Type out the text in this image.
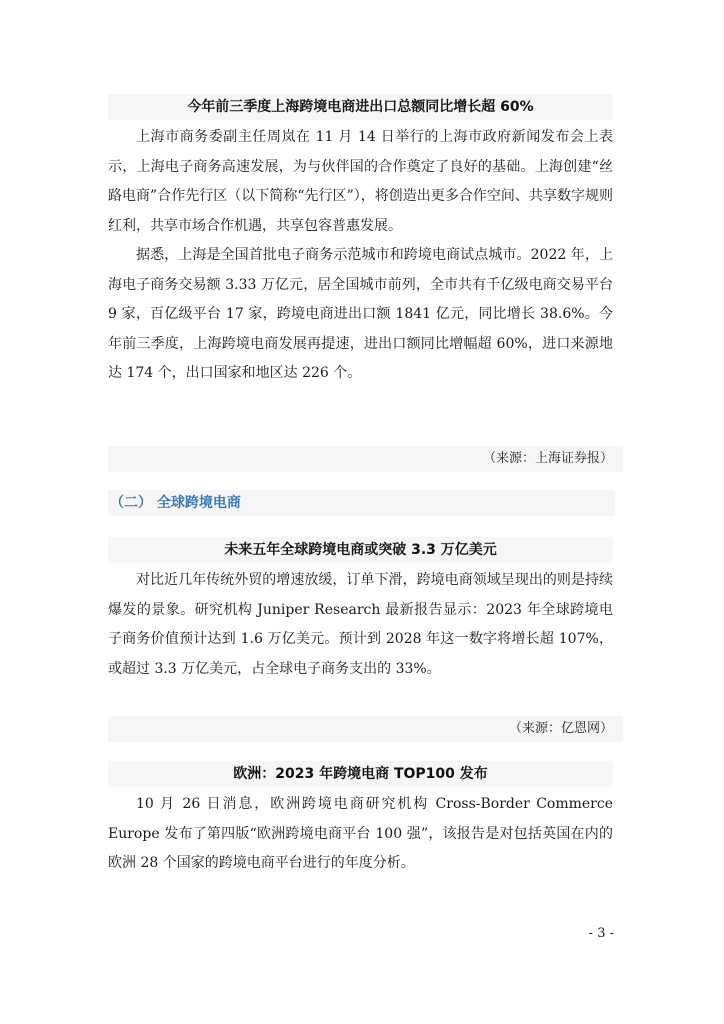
今年前三季度上海跨境电商进出口总额同比增长超 60%

上海市商务委副主任周岚在 11 月 14 日举行的上海市政府新闻发布会上表示，上海电子商务高速发展，为与伙伴国的合作奠定了良好的基础。上海创建“丝路电商”合作先行区（以下简称“先行区”），将创造出更多合作空间、共享数字规则红利，共享市场合作机遇，共享包容普惠发展。

据悉，上海是全国首批电子商务示范城市和跨境电商试点城市。2022 年，上海电子商务交易额 3.33 万亿元，居全国城市前列，全市共有千亿级电商交易平台 9 家，百亿级平台 17 家，跨境电商进出口额 1841 亿元，同比增长 38.6%。今年前三季度，上海跨境电商发展再提速，进出口额同比增幅超 60%，进口来源地达 174 个，出口国家和地区达 226 个。

（来源：上海证券报）
（二） 全球跨境电商
未来五年全球跨境电商或突破 3.3 万亿美元

对比近几年传统外贸的增速放缓，订单下滑，跨境电商领域呈现出的则是持续爆发的景象。研究机构 Juniper Research 最新报告显示：2023 年全球跨境电子商务价值预计达到 1.6 万亿美元。预计到 2028 年这一数字将增长超 107%，或超过 3.3 万亿美元，占全球电子商务支出的 33%。

（来源：亿恩网）
欧洲：2023 年跨境电商 TOP100 发布

10 月 26 日消息，欧洲跨境电商研究机构 Cross-Border Commerce Europe 发布了第四版“欧洲跨境电商平台 100 强”，该报告是对包括英国在内的欧洲 28 个国家的跨境电商平台进行的年度分析。

- 3 -
